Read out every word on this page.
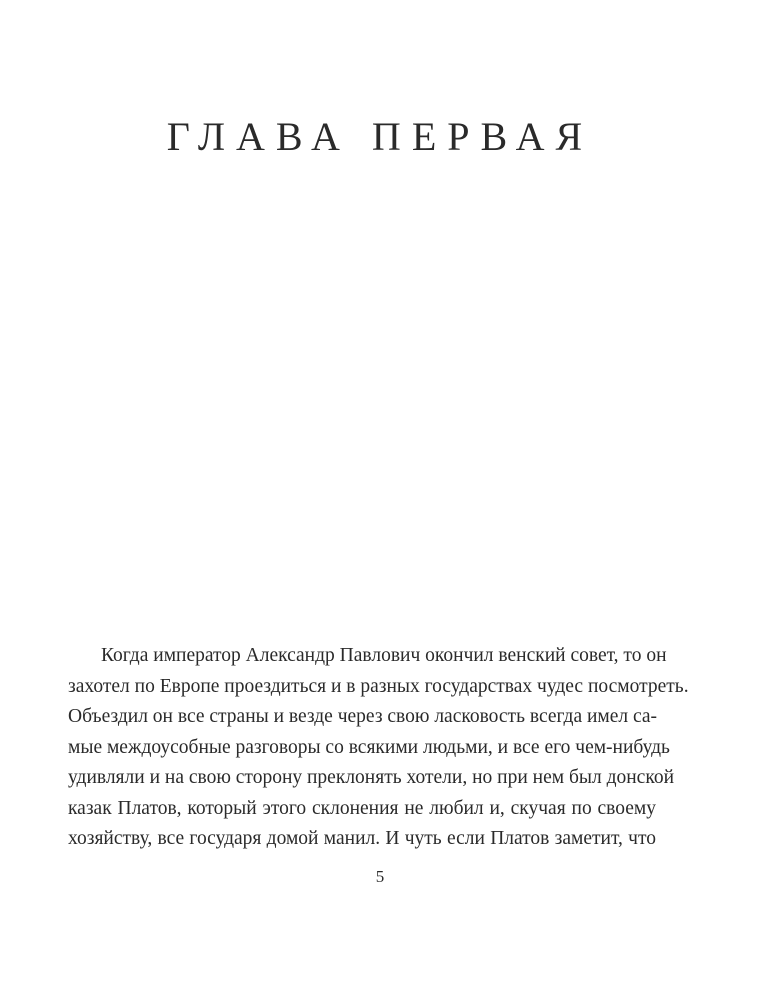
ГЛАВА ПЕРВАЯ
Когда император Александр Павлович окончил венский совет, то он
захотел по Европе проездиться и в разных государствах чудес посмотреть.
Объездил он все страны и везде через свою ласковость всегда имел са-
мые междоусобные разговоры со всякими людьми, и все его чем-нибудь
удивляли и на свою сторону преклонять хотели, но при нем был донской
казак Платов, который этого склонения не любил и, скучая по своему
хозяйству, все государя домой манил. И чуть если Платов заметит, что
5
